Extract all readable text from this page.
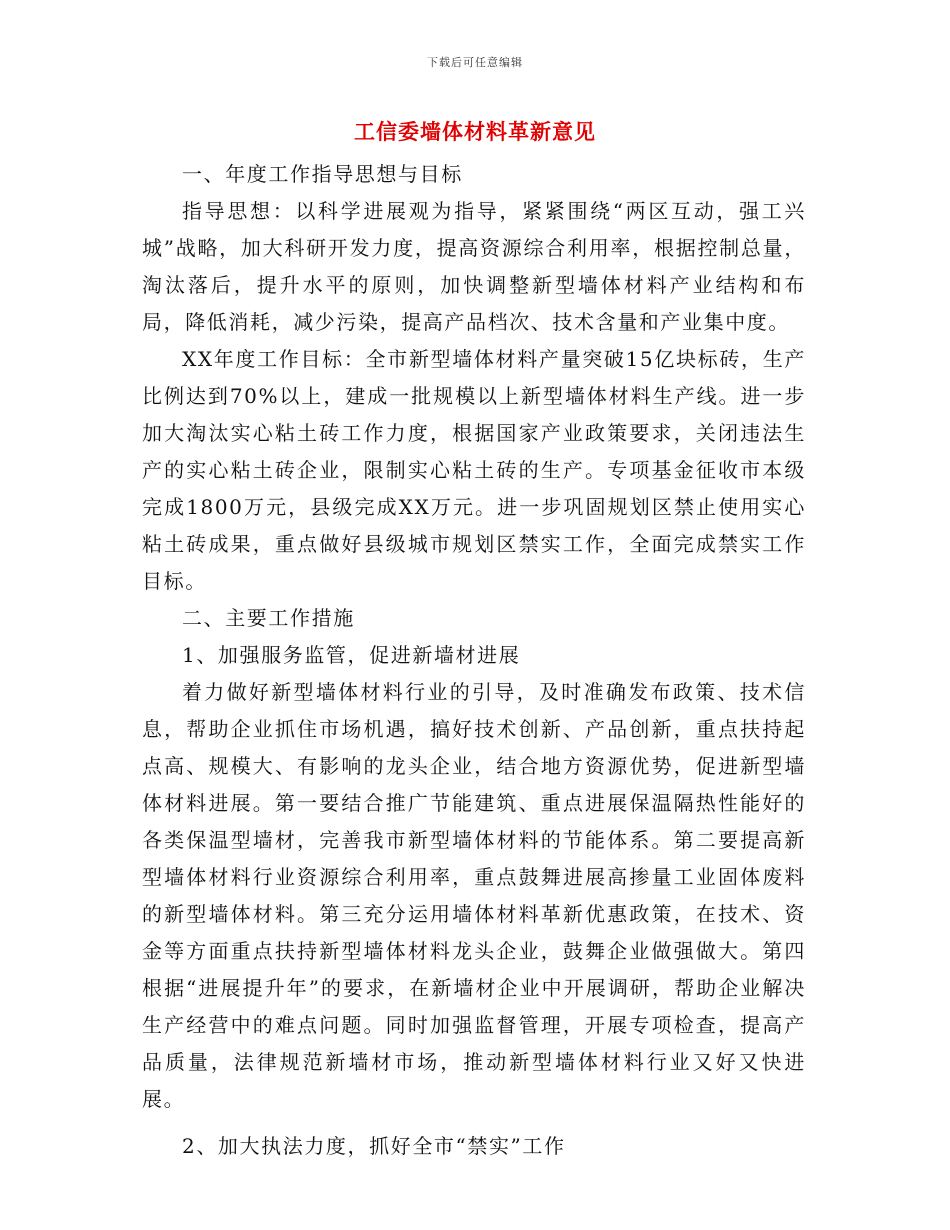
下载后可任意编辑
工信委墙体材料革新意见

一、年度工作指导思想与目标

指导思想：以科学进展观为指导，紧紧围绕“两区互动，强工兴城”战略，加大科研开发力度，提高资源综合利用率，根据控制总量，淘汰落后，提升水平的原则，加快调整新型墙体材料产业结构和布局，降低消耗，减少污染，提高产品档次、技术含量和产业集中度。

XX年度工作目标：全市新型墙体材料产量突破15亿块标砖，生产比例达到70%以上，建成一批规模以上新型墙体材料生产线。进一步加大淘汰实心粘土砖工作力度，根据国家产业政策要求，关闭违法生产的实心粘土砖企业，限制实心粘土砖的生产。专项基金征收市本级完成1800万元，县级完成XX万元。进一步巩固规划区禁止使用实心粘土砖成果，重点做好县级城市规划区禁实工作，全面完成禁实工作目标。

二、主要工作措施

1、加强服务监管，促进新墙材进展

着力做好新型墙体材料行业的引导，及时准确发布政策、技术信息，帮助企业抓住市场机遇，搞好技术创新、产品创新，重点扶持起点高、规模大、有影响的龙头企业，结合地方资源优势，促进新型墙体材料进展。第一要结合推广节能建筑、重点进展保温隔热性能好的各类保温型墙材，完善我市新型墙体材料的节能体系。第二要提高新型墙体材料行业资源综合利用率，重点鼓舞进展高掺量工业固体废料的新型墙体材料。第三充分运用墙体材料革新优惠政策，在技术、资金等方面重点扶持新型墙体材料龙头企业，鼓舞企业做强做大。第四根据“进展提升年”的要求，在新墙材企业中开展调研，帮助企业解决生产经营中的难点问题。同时加强监督管理，开展专项检查，提高产品质量，法律规范新墙材市场，推动新型墙体材料行业又好又快进展。

2、加大执法力度，抓好全市“禁实”工作
